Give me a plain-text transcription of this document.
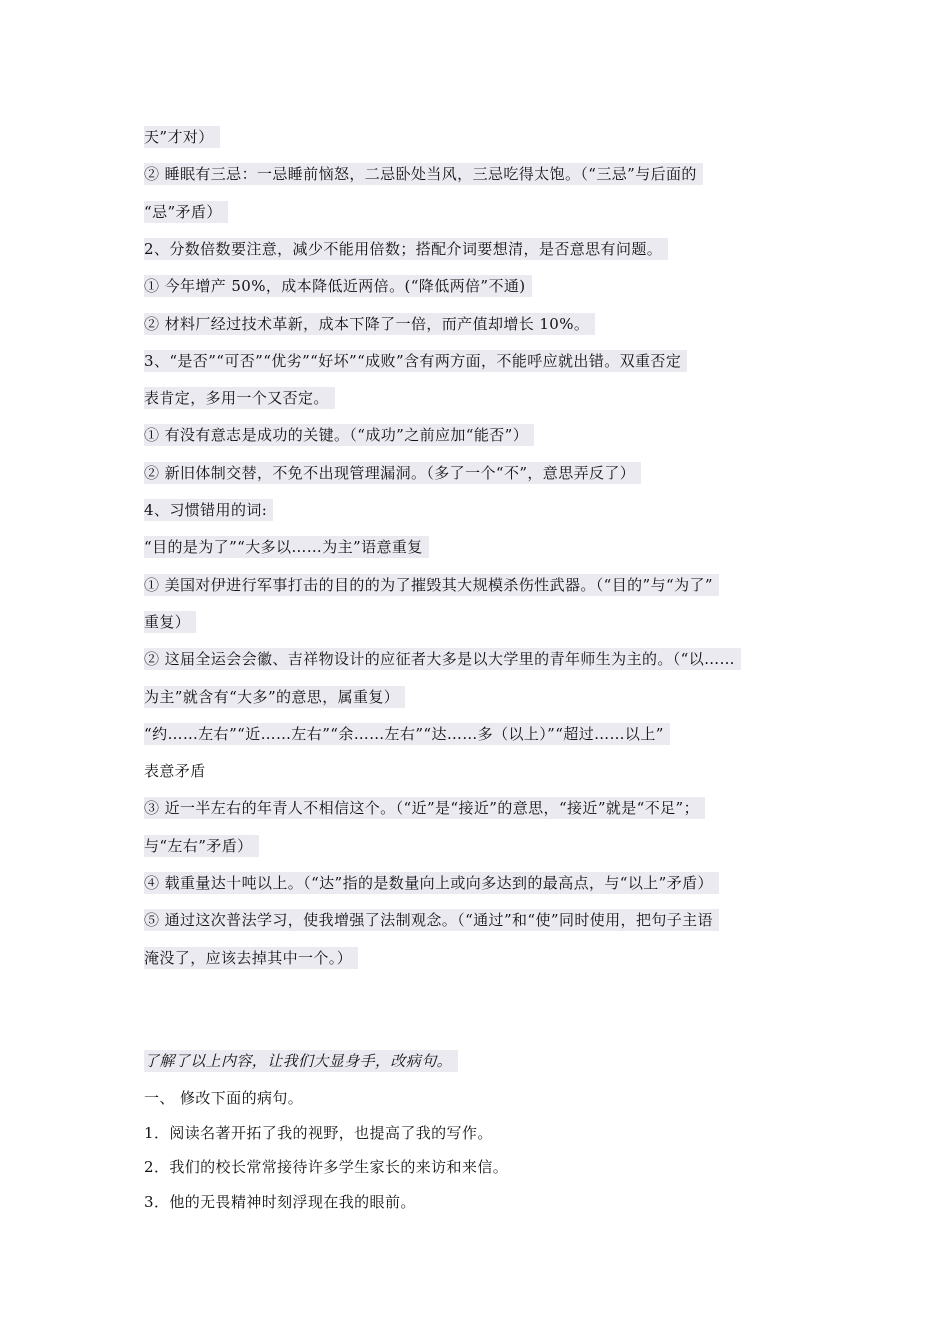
天”才对）
② 睡眠有三忌：一忌睡前恼怒，二忌卧处当风，三忌吃得太饱。（“三忌”与后面的
“忌”矛盾）
2、分数倍数要注意，减少不能用倍数；搭配介词要想清，是否意思有问题。
① 今年增产 50%，成本降低近两倍。(“降低两倍”不通)
② 材料厂经过技术革新，成本下降了一倍，而产值却增长 10%。
3、“是否”“可否”“优劣”“好坏”“成败”含有两方面，不能呼应就出错。双重否定
表肯定，多用一个又否定。
① 有没有意志是成功的关键。（“成功”之前应加“能否”）
② 新旧体制交替，不免不出现管理漏洞。（多了一个“不”，意思弄反了）
4、习惯错用的词:
“目的是为了”“大多以……为主”语意重复
① 美国对伊进行军事打击的目的的为了摧毁其大规模杀伤性武器。（“目的”与“为了”
重复）
② 这届全运会会徽、吉祥物设计的应征者大多是以大学里的青年师生为主的。（“以……
为主”就含有“大多”的意思，属重复）
“约……左右”“近……左右”“余……左右”“达……多（以上）”“超过……以上”
表意矛盾
③ 近一半左右的年青人不相信这个。（“近”是“接近”的意思，“接近”就是“不足”；
与“左右”矛盾）
④ 载重量达十吨以上。（“达”指的是数量向上或向多达到的最高点，与“以上”矛盾）
⑤ 通过这次普法学习，使我增强了法制观念。（“通过”和“使”同时使用，把句子主语
淹没了，应该去掉其中一个。）
了解了以上内容，让我们大显身手，改病句。
一、 修改下面的病句。
1．阅读名著开拓了我的视野，也提高了我的写作。
2．我们的校长常常接待许多学生家长的来访和来信。
3．他的无畏精神时刻浮现在我的眼前。
